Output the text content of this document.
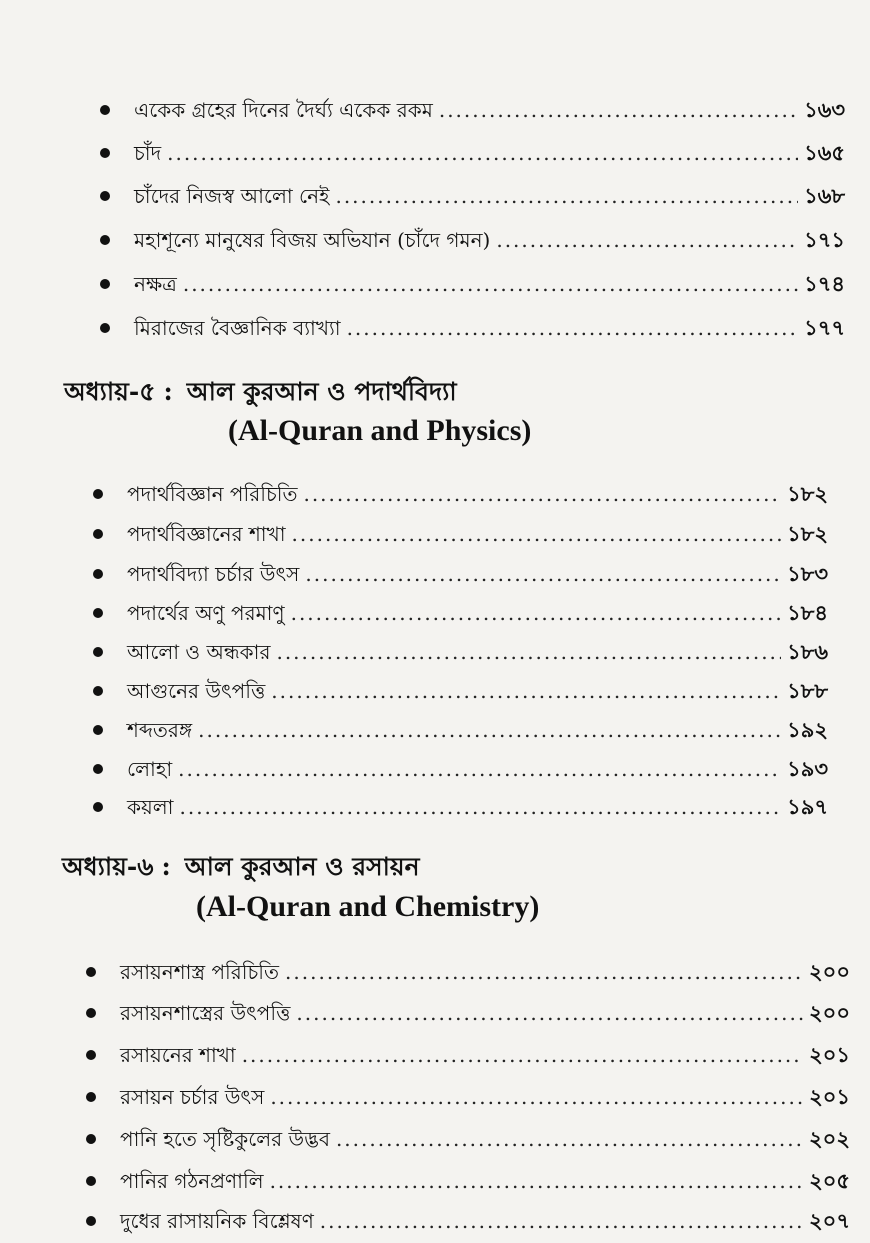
একেক গ্রহের দিনের দৈর্ঘ্য একেক রকম .....	১৬৩
চাঁদ .....	১৬৫
চাঁদের নিজস্ব আলো নেই .....	১৬৮
মহাশূন্যে মানুষের বিজয় অভিযান (চাঁদে গমন) .....	১৭১
নক্ষত্র .....	১৭৪
মিরাজের বৈজ্ঞানিক ব্যাখ্যা .....	১৭৭
অধ্যায়-৫ : আল কুরআন ও পদার্থবিদ্যা
(Al-Quran and Physics)
পদার্থবিজ্ঞান পরিচিতি .....	১৮২
পদার্থবিজ্ঞানের শাখা .....	১৮২
পদার্থবিদ্যা চর্চার উৎস .....	১৮৩
পদার্থের অণু পরমাণু .....	১৮৪
আলো ও অন্ধকার .....	১৮৬
আগুনের উৎপত্তি .....	১৮৮
শব্দতরঙ্গ .....	১৯২
লোহা .....	১৯৩
কয়লা .....	১৯৭
অধ্যায়-৬ : আল কুরআন ও রসায়ন
(Al-Quran and Chemistry)
রসায়নশাস্ত্র পরিচিতি .....	২০০
রসায়নশাস্ত্রের উৎপত্তি .....	২০০
রসায়নের শাখা .....	২০১
রসায়ন চর্চার উৎস .....	২০১
পানি হতে সৃষ্টিকুলের উদ্ভব .....	২০২
পানির গঠনপ্রণালি .....	২০৫
দুধের রাসায়নিক বিশ্লেষণ .....	২০৭
